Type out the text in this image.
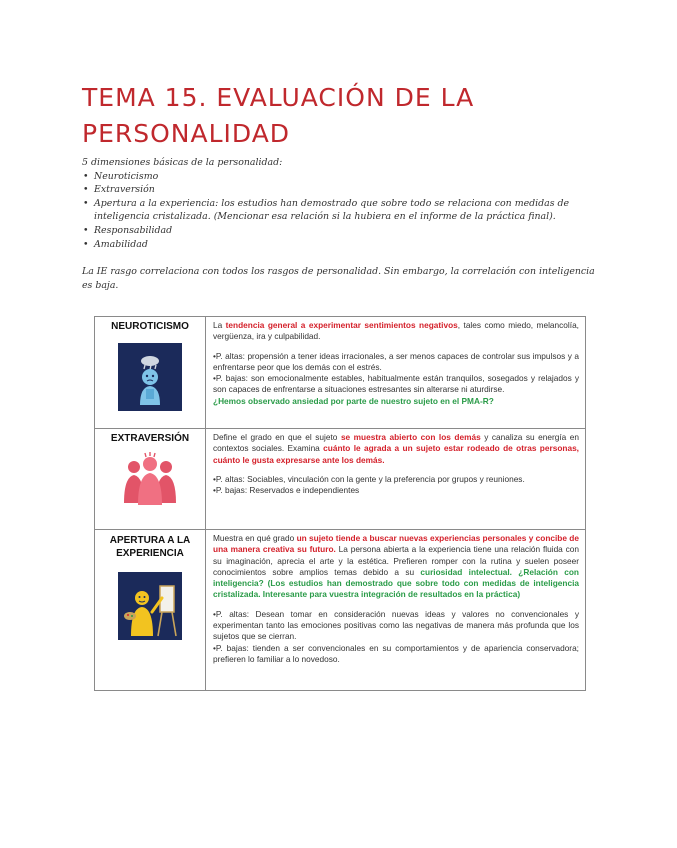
TEMA 15. EVALUACIÓN DE LA PERSONALIDAD

5 dimensiones básicas de la personalidad:

• Neuroticismo
• Extraversión
• Apertura a la experiencia: los estudios han demostrado que sobre todo se relaciona con medidas de inteligencia cristalizada. (Mencionar esa relación si la hubiera en el informe de la práctica final).
• Responsabilidad
• Amabilidad

La IE rasgo correlaciona con todos los rasgos de personalidad. Sin embargo, la correlación con inteligencia es baja.

NEUROTICISMO	La tendencia general a experimentar sentimientos negativos, tales como miedo, melancolía, vergüenza, ira y culpabilidad.

•P. altas: propensión a tener ideas irracionales, a ser menos capaces de controlar sus impulsos y a enfrentarse peor que los demás con el estrés.

•P. bajas: son emocionalmente estables, habitualmente están tranquilos, sosegados y relajados y son capaces de enfrentarse a situaciones estresantes sin alterarse ni aturdirse.

¿Hemos observado ansiedad por parte de nuestro sujeto en el PMA-R?

EXTRAVERSIÓN	Define el grado en que el sujeto se muestra abierto con los demás y canaliza su energía en contextos sociales. Examina cuánto le agrada a un sujeto estar rodeado de otras personas, cuánto le gusta expresarse ante los demás.

•P. altas: Sociables, vinculación con la gente y la preferencia por grupos y reuniones.

•P. bajas: Reservados e independientes

APERTURA A LA EXPERIENCIA	Muestra en qué grado un sujeto tiende a buscar nuevas experiencias personales y concibe de una manera creativa su futuro. La persona abierta a la experiencia tiene una relación fluida con su imaginación, aprecia el arte y la estética. Prefieren romper con la rutina y suelen poseer conocimientos sobre amplios temas debido a su curiosidad intelectual. ¿Relación con inteligencia? (Los estudios han demostrado que sobre todo con medidas de inteligencia cristalizada. Interesante para vuestra integración de resultados en la práctica)

•P. altas: Desean tomar en consideración nuevas ideas y valores no convencionales y experimentan tanto las emociones positivas como las negativas de manera más profunda que los sujetos que se cierran.

•P. bajas: tienden a ser convencionales en su comportamientos y de apariencia conservadora; prefieren lo familiar a lo novedoso.
